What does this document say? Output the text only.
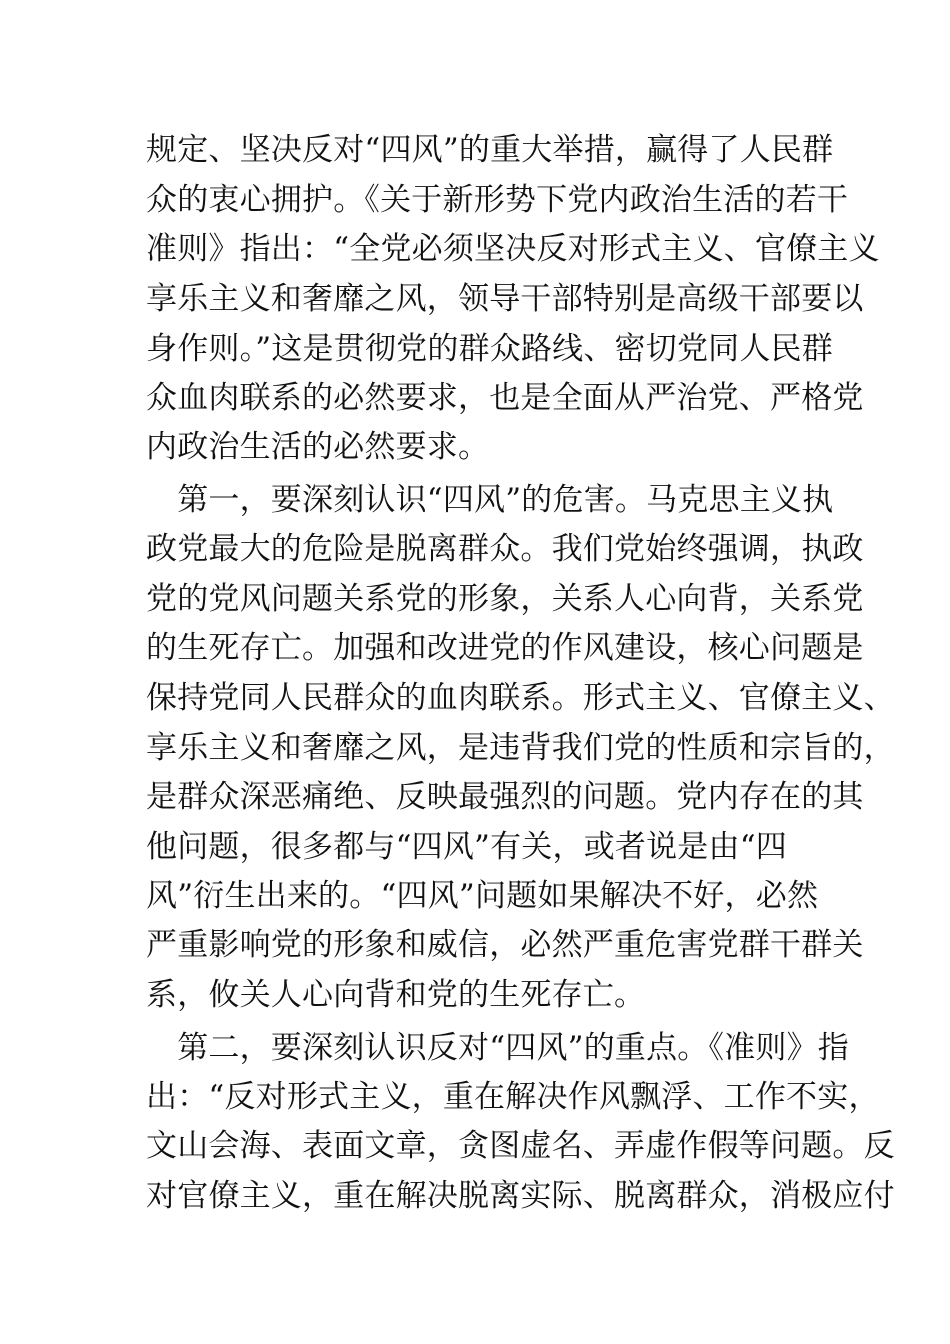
规定、坚决反对“四风”的重大举措，赢得了人民群
众的衷心拥护。《关于新形势下党内政治生活的若干
准则》指出：“全党必须坚决反对形式主义、官僚主义
享乐主义和奢靡之风，领导干部特别是高级干部要以
身作则。”这是贯彻党的群众路线、密切党同人民群
众血肉联系的必然要求，也是全面从严治党、严格党
内政治生活的必然要求。
　第一，要深刻认识“四风”的危害。马克思主义执
政党最大的危险是脱离群众。我们党始终强调，执政
党的党风问题关系党的形象，关系人心向背，关系党
的生死存亡。加强和改进党的作风建设，核心问题是
保持党同人民群众的血肉联系。形式主义、官僚主义、
享乐主义和奢靡之风，是违背我们党的性质和宗旨的，
是群众深恶痛绝、反映最强烈的问题。党内存在的其
他问题，很多都与“四风”有关，或者说是由“四
风”衍生出来的。“四风”问题如果解决不好，必然
严重影响党的形象和威信，必然严重危害党群干群关
系，攸关人心向背和党的生死存亡。
　第二，要深刻认识反对“四风”的重点。《准则》指
出：“反对形式主义，重在解决作风飘浮、工作不实，
文山会海、表面文章，贪图虚名、弄虚作假等问题。反
对官僚主义，重在解决脱离实际、脱离群众，消极应付
